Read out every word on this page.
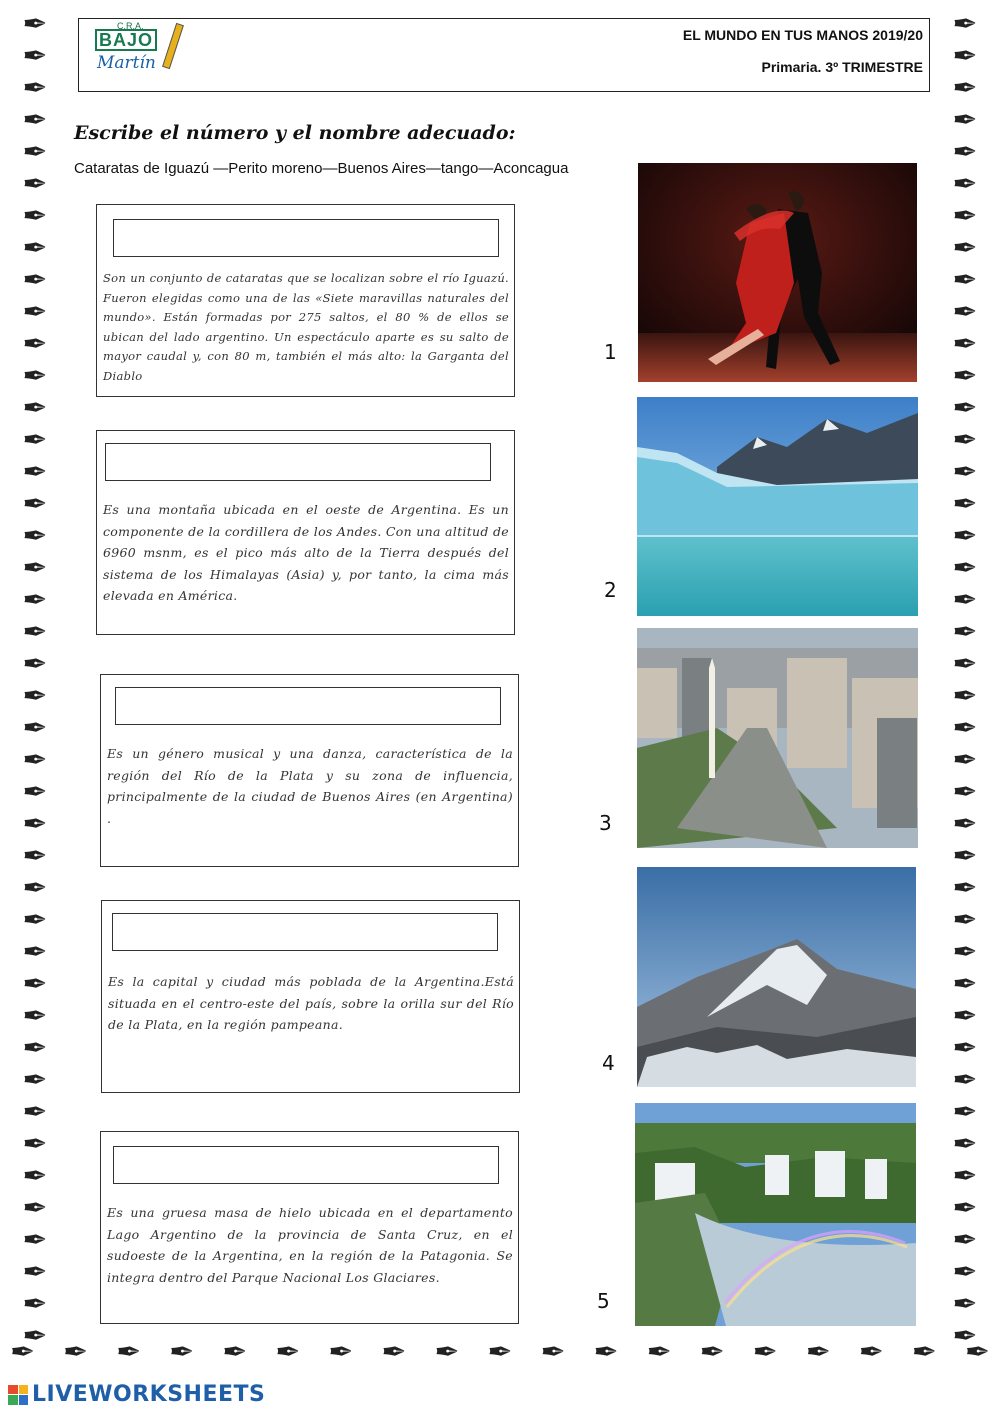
✒
✒
✒
✒
✒
✒
✒
✒
✒
✒
✒
✒
✒
✒
✒
✒
✒
✒
✒
✒
✒
✒
✒
✒
✒
✒
✒
✒
✒
✒
✒
✒
✒
✒
✒
✒
✒
✒
✒
✒
✒
✒
✒
✒
✒
✒
✒
✒
✒
✒
✒
✒
✒
✒
✒
✒
✒
✒
✒
✒
✒
✒
✒
✒
✒
✒
✒
✒
✒
✒
✒
✒
✒
✒
✒
✒
✒
✒
✒
✒
✒
✒
✒
✒
✒ ✒ ✒ ✒ ✒ ✒ ✒ ✒ ✒ ✒ ✒ ✒ ✒ ✒ ✒ ✒ ✒ ✒ ✒
C.R.A.
BAJO
Martín
EL MUNDO EN TUS MANOS 2019/20
Primaria. 3º TRIMESTRE
Escribe el número y el nombre adecuado:
Cataratas de Iguazú —Perito moreno—Buenos Aires—tango—Aconcagua
Son un conjunto de cataratas que se localizan sobre el río Iguazú. Fueron elegidas como una de las «Siete maravillas naturales del mundo». Están formadas por 275 saltos, el 80 % de ellos se ubican del lado argentino. Un espectáculo aparte es su salto de mayor caudal y, con 80 m, también el más alto: la Garganta del Diablo
Es una montaña ubicada en el oeste de Argentina. Es un componente de la cordillera de los Andes. Con una altitud de 6960 msnm, es el pico más alto de la Tierra después del sistema de los Himalayas (Asia) y, por tanto, la cima más elevada en América.
Es un género musical y una danza, característica de la región del Río de la Plata y su zona de influencia, principalmente de la ciudad de Buenos Aires (en Argentina) .
Es la capital y ciudad más poblada de la Argentina.Está situada en el centro-este del país, sobre la orilla sur del Río de la Plata, en la región pampeana.
Es una gruesa masa de hielo ubicada en el departamento Lago Argentino de la provincia de Santa Cruz, en el sudoeste de la Argentina, en la región de la Patagonia. Se integra dentro del Parque Nacional Los Glaciares.
1
2
3
4
5
LIVEWORKSHEETS
